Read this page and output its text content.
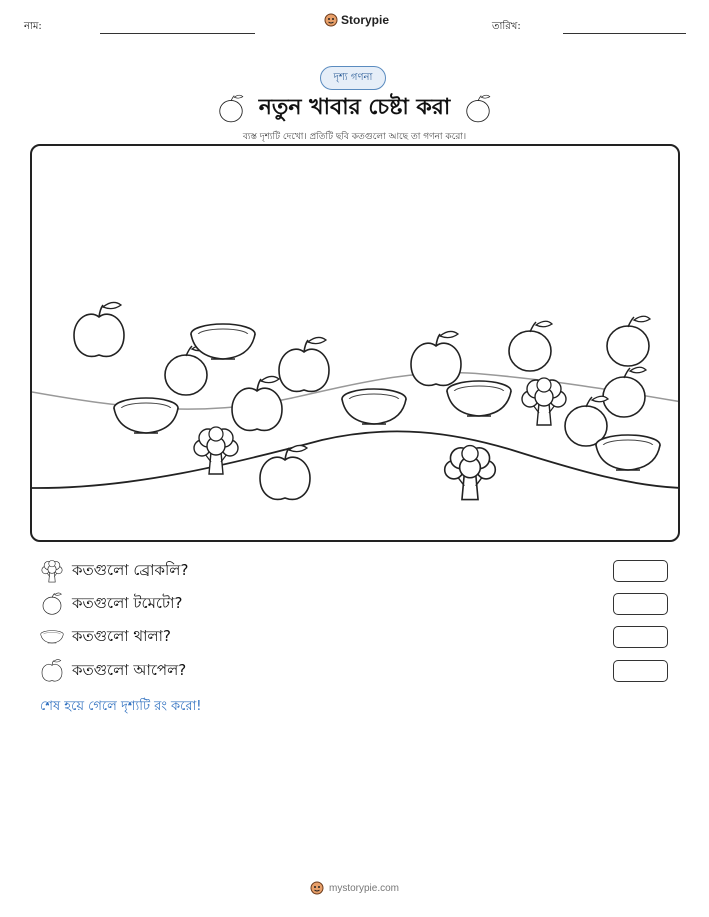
নাম:	Storypie	তারিখ:
দৃশ্য গণনা
নতুন খাবার চেষ্টা করা
ব্যস্ত দৃশ্যটি দেখো। প্রতিটি ছবি কতগুলো আছে তা গণনা করো।
কতগুলো ব্রোকলি?
কতগুলো টমেটো?
কতগুলো থালা?
কতগুলো আপেল?
শেষ হয়ে গেলে দৃশ্যটি রং করো!
mystorypie.com
